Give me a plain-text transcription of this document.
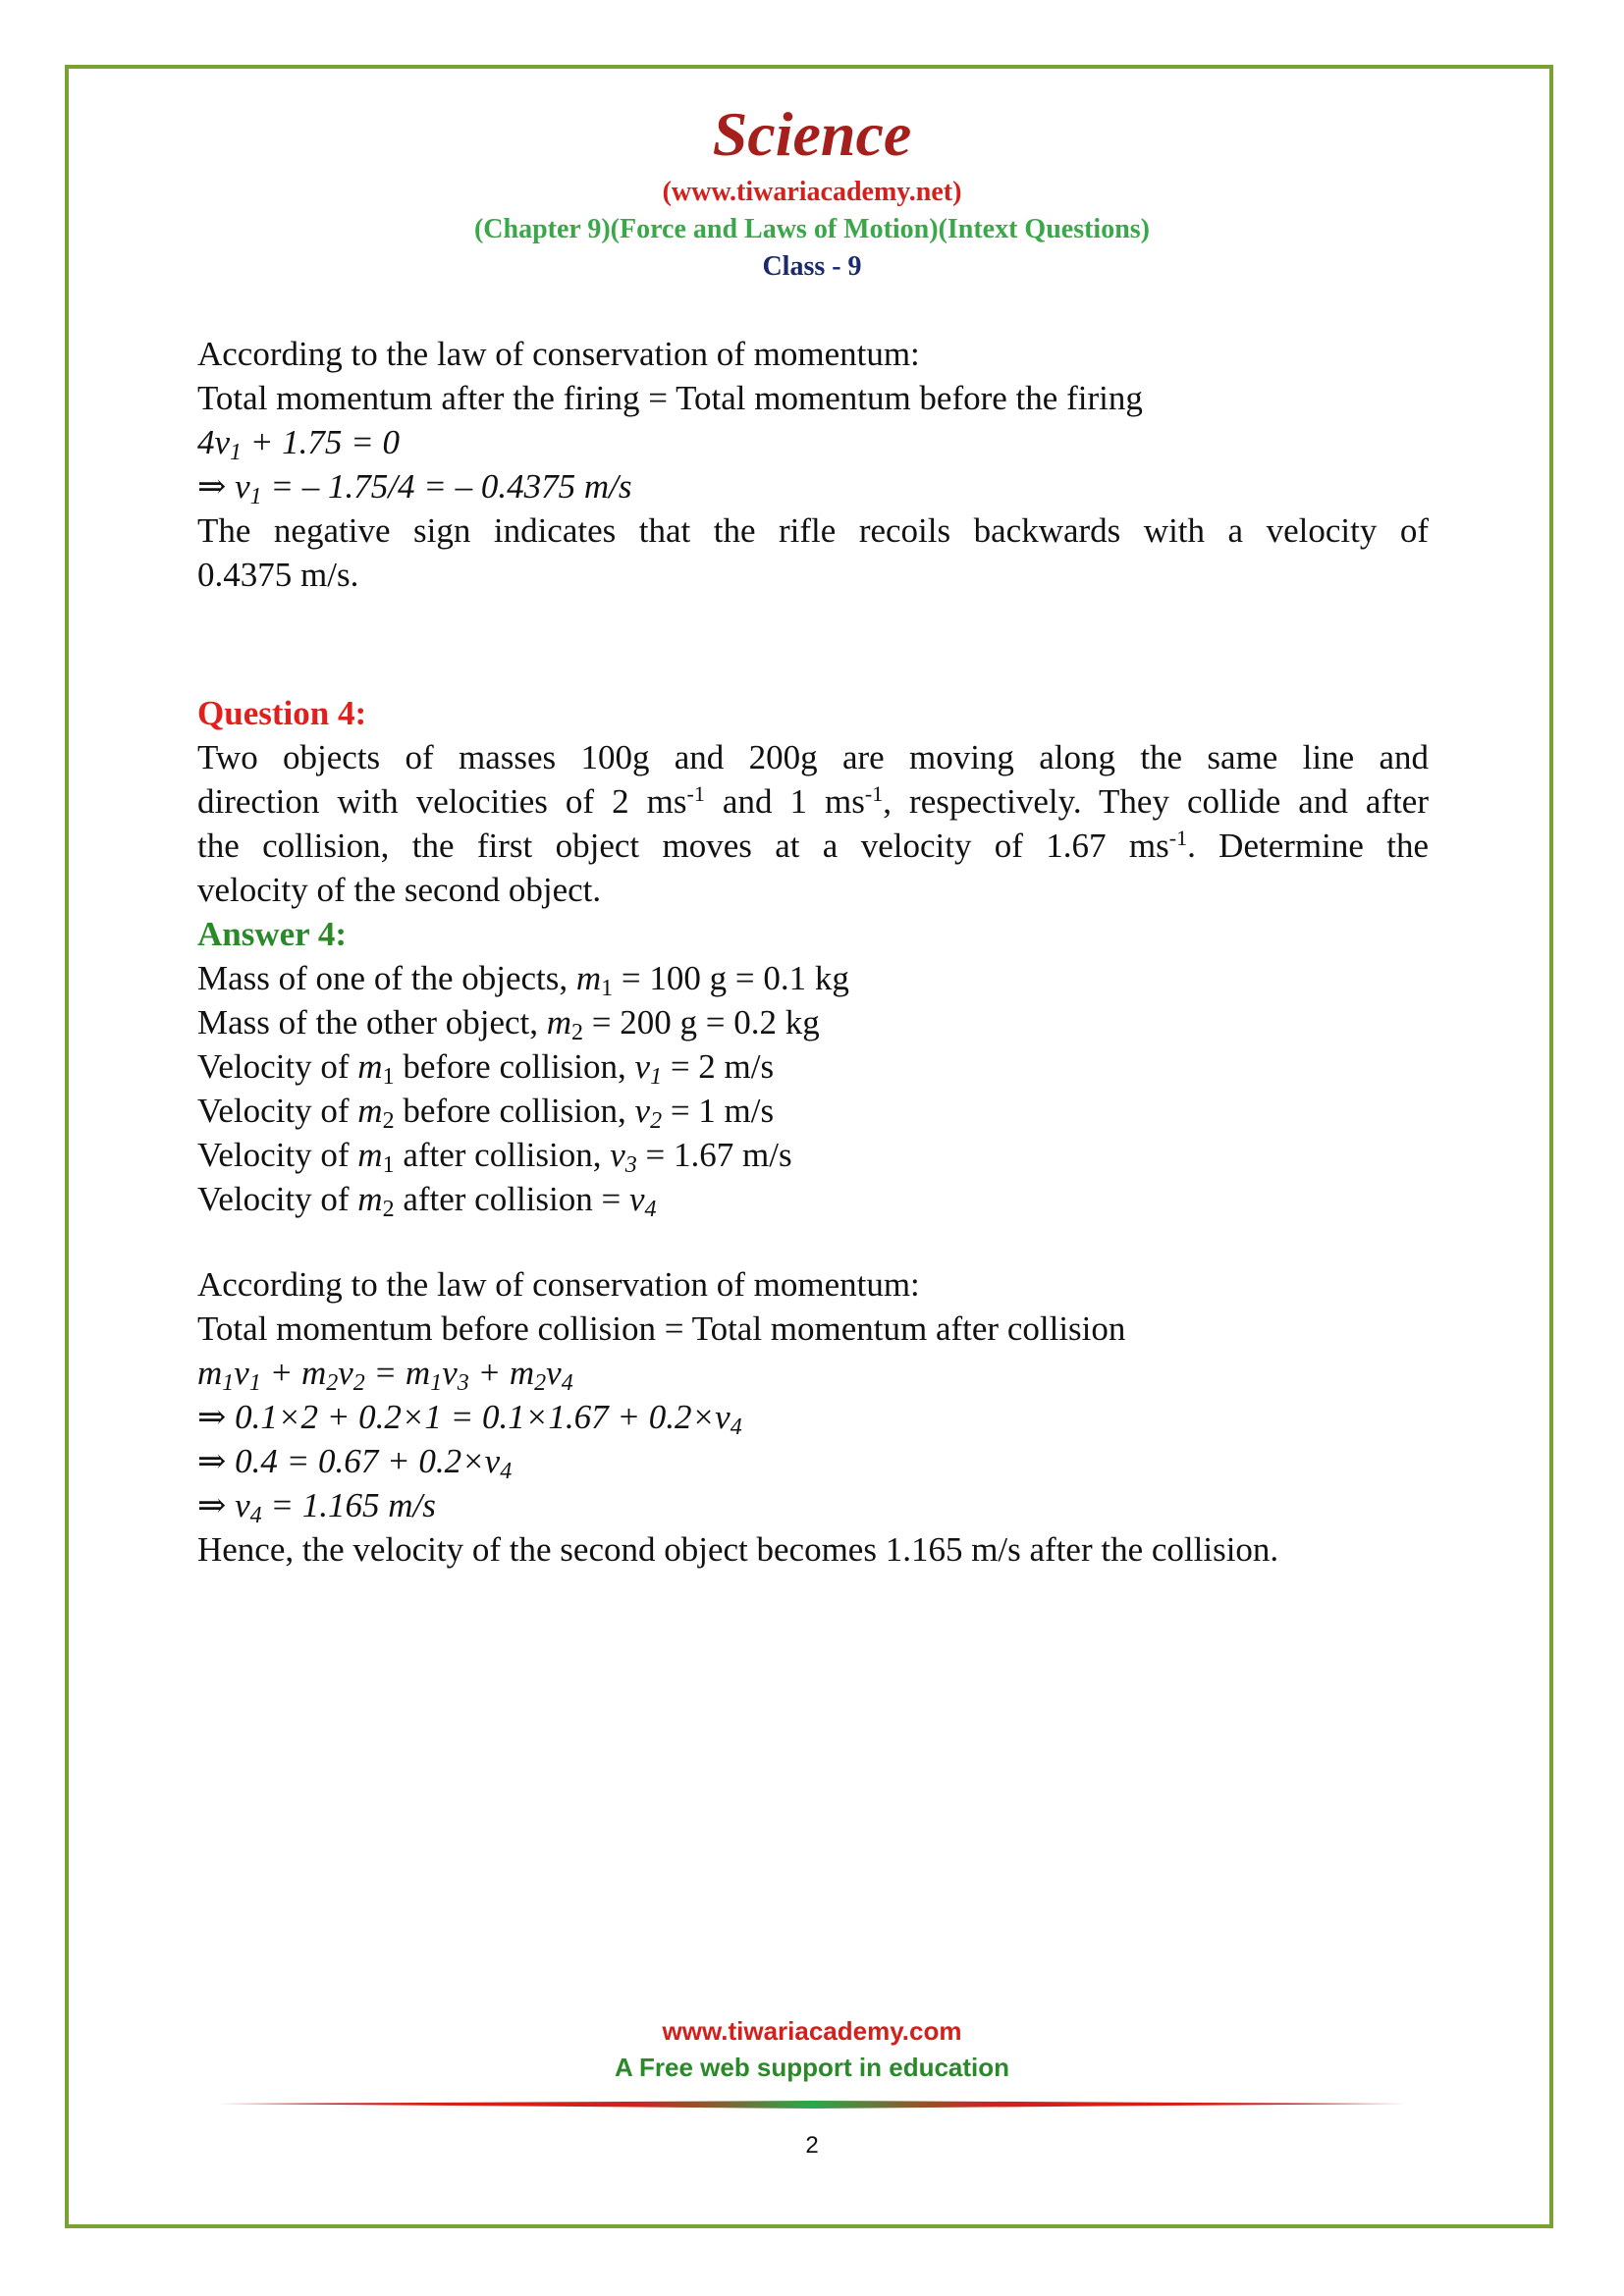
Science
(www.tiwariacademy.net)
(Chapter 9)(Force and Laws of Motion)(Intext Questions)
Class - 9
According to the law of conservation of momentum:
Total momentum after the firing = Total momentum before the firing
$4v_1 + 1.75 = 0$
⇒ $v_1$ = – 1.75/4 = – 0.4375 m/s
The negative sign indicates that the rifle recoils backwards with a velocity of
0.4375 m/s.
Question 4:
Two objects of masses 100g and 200g are moving along the same line and
direction with velocities of 2 $ms^{-1}$ and 1 $ms^{-1}$, respectively. They collide and after
the collision, the first object moves at a velocity of 1.67 $ms^{-1}$. Determine the
velocity of the second object.
Answer 4:
Mass of one of the objects, $m_1 = 100$ g = 0.1 kg
Mass of the other object, $m_2 = 200$ g = 0.2 kg
Velocity of $m_1$ before collision, $v_1 = 2$ m/s
Velocity of $m_2$ before collision, $v_2 = 1$ m/s
Velocity of $m_1$ after collision, $v_3 = 1.67$ m/s
Velocity of $m_2$ after collision = $v_4$
According to the law of conservation of momentum:
Total momentum before collision = Total momentum after collision
$m_1v_1 + m_2v_2 = m_1v_3 + m_2v_4$
⇒ $0.1\times 2 + 0.2\times 1 = 0.1\times 1.67 + 0.2\times v_4$
⇒ $0.4 = 0.67 + 0.2\times v_4$
⇒ $v_4 = 1.165$ m/s
Hence, the velocity of the second object becomes 1.165 m/s after the collision.
www.tiwariacademy.com
A Free web support in education
2
